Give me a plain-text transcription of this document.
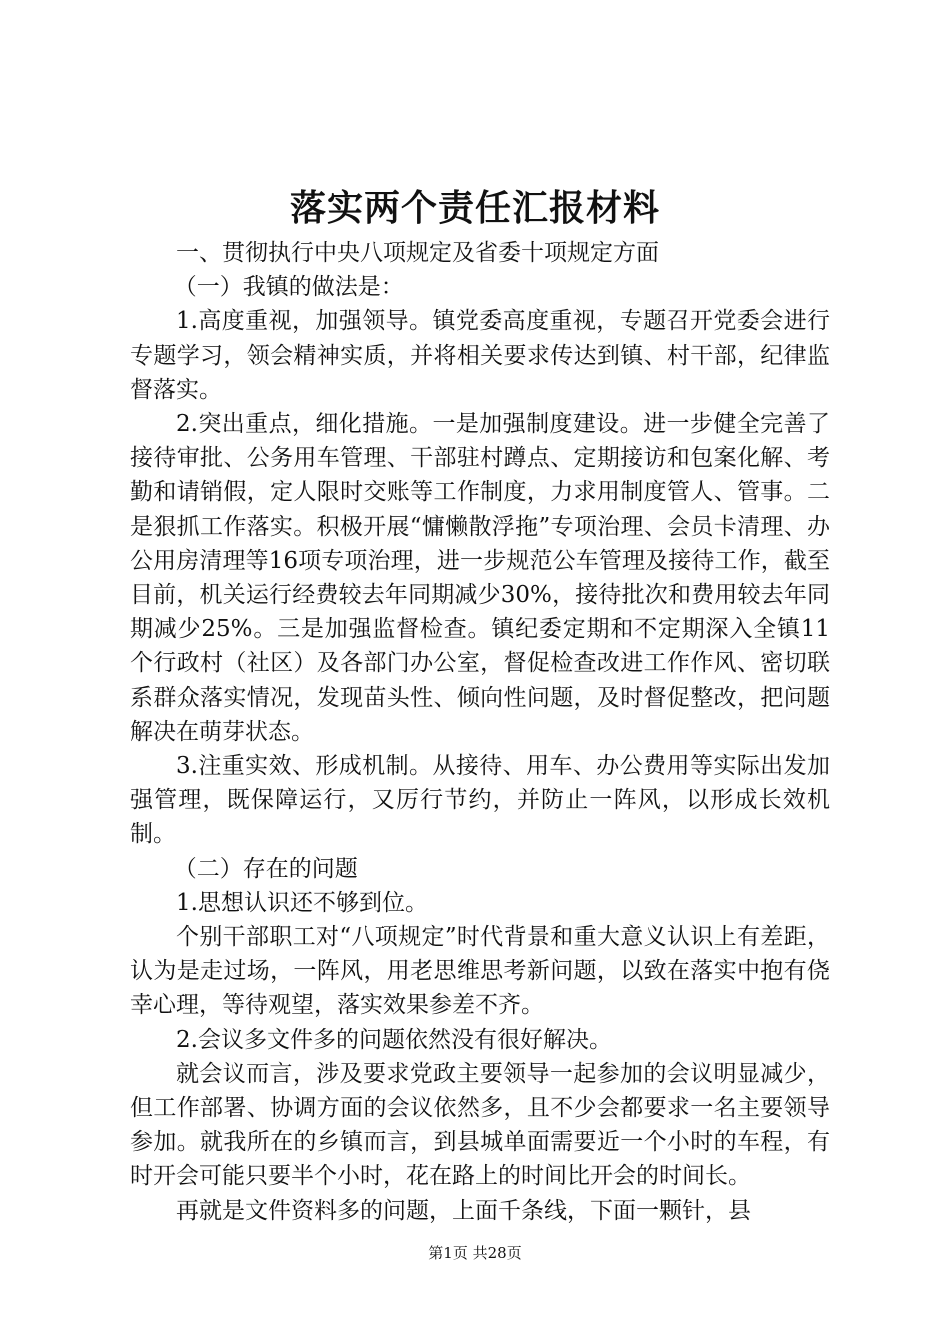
落实两个责任汇报材料

一、贯彻执行中央八项规定及省委十项规定方面

（一）我镇的做法是：

1.高度重视，加强领导。镇党委高度重视，专题召开党委会进行专题学习，领会精神实质，并将相关要求传达到镇、村干部，纪律监督落实。

2.突出重点，细化措施。一是加强制度建设。进一步健全完善了接待审批、公务用车管理、干部驻村蹲点、定期接访和包案化解、考勤和请销假，定人限时交账等工作制度，力求用制度管人、管事。二是狠抓工作落实。积极开展“慵懒散浮拖”专项治理、会员卡清理、办公用房清理等16项专项治理，进一步规范公车管理及接待工作，截至目前，机关运行经费较去年同期减少30%，接待批次和费用较去年同期减少25%。三是加强监督检查。镇纪委定期和不定期深入全镇11个行政村（社区）及各部门办公室，督促检查改进工作作风、密切联系群众落实情况，发现苗头性、倾向性问题，及时督促整改，把问题解决在萌芽状态。

3.注重实效、形成机制。从接待、用车、办公费用等实际出发加强管理，既保障运行，又厉行节约，并防止一阵风，以形成长效机制。

（二）存在的问题

1.思想认识还不够到位。

个别干部职工对“八项规定”时代背景和重大意义认识上有差距，认为是走过场，一阵风，用老思维思考新问题，以致在落实中抱有侥幸心理，等待观望，落实效果参差不齐。

2.会议多文件多的问题依然没有很好解决。

就会议而言，涉及要求党政主要领导一起参加的会议明显减少，但工作部署、协调方面的会议依然多，且不少会都要求一名主要领导参加。就我所在的乡镇而言，到县城单面需要近一个小时的车程，有时开会可能只要半个小时，花在路上的时间比开会的时间长。

再就是文件资料多的问题，上面千条线，下面一颗针，县

第1页 共28页
